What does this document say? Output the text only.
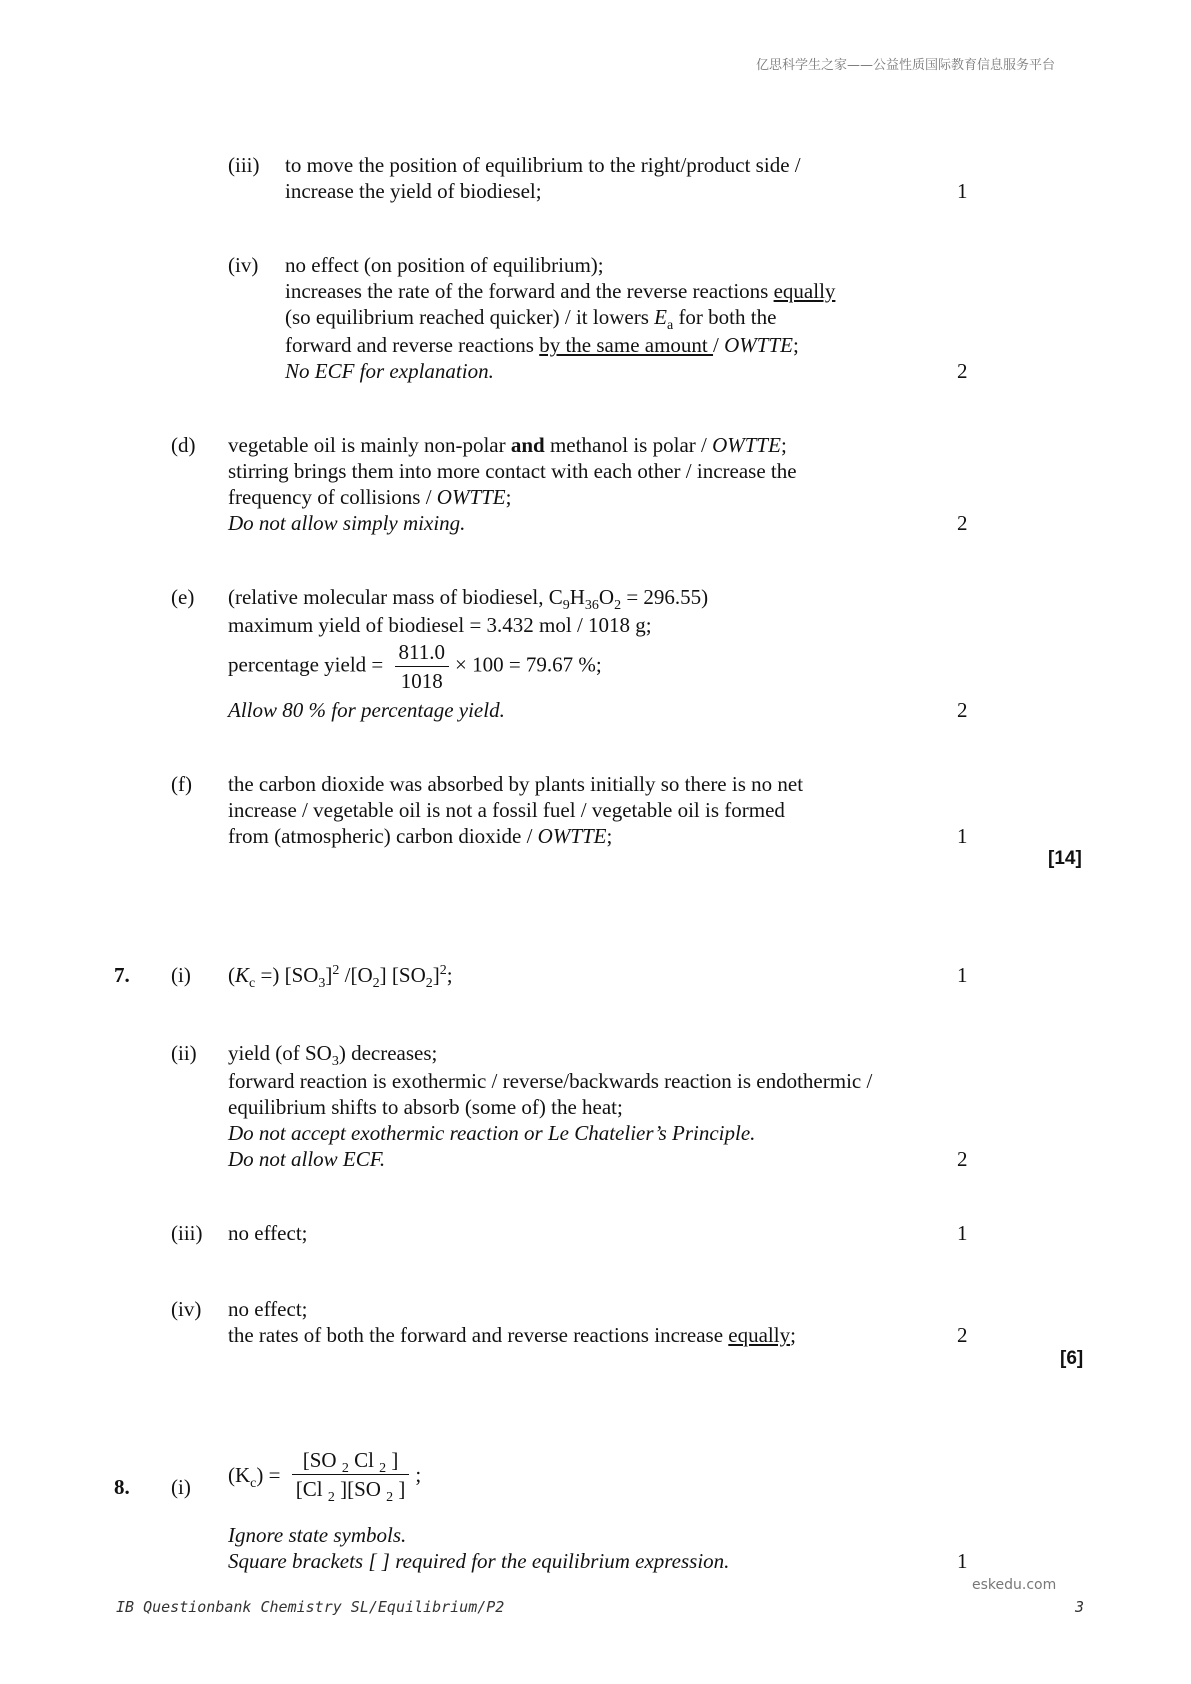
亿思科学生之家——公益性质国际教育信息服务平台
(iii) to move the position of equilibrium to the right/product side /
increase the yield of biodiesel;	1
(iv) no effect (on position of equilibrium);
increases the rate of the forward and the reverse reactions equally
(so equilibrium reached quicker) / it lowers $E_a$ for both the
forward and reverse reactions by the same amount / OWTTE;
No ECF for explanation.	2
(d) vegetable oil is mainly non-polar and methanol is polar / OWTTE;
stirring brings them into more contact with each other / increase the
frequency of collisions / OWTTE;
Do not allow simply mixing.	2
(e) (relative molecular mass of biodiesel, $C_9H_{36}O_2 = 296.55$)
maximum yield of biodiesel = 3.432 mol / 1018 g;
percentage yield = $\frac{811.0}{1018} \times 100 = 79.67$ %;
Allow 80 % for percentage yield.	2
(f) the carbon dioxide was absorbed by plants initially so there is no net
increase / vegetable oil is not a fossil fuel / vegetable oil is formed
from (atmospheric) carbon dioxide / OWTTE;	1
[14]
7. (i) ($K_c$ =) $[SO_3]^2$ $/[O_2]$ $[SO_2]^2$;	1
(ii) yield (of $SO_3$) decreases;
forward reaction is exothermic / reverse/backwards reaction is endothermic /
equilibrium shifts to absorb (some of) the heat;
Do not accept exothermic reaction or Le Chatelier’s Principle.
Do not allow ECF.	2
(iii) no effect;	1
(iv) no effect;
the rates of both the forward and reverse reactions increase equally;	2
[6]
8. (i)
$(K_c) = \frac{[SO _2 Cl _2 ]}{[Cl _2 ][SO _2 ]}$ ;
Ignore state symbols.
Square brackets [ ] required for the equilibrium expression.	1
eskedu.com
IB Questionbank Chemistry SL/Equilibrium/P2	3
